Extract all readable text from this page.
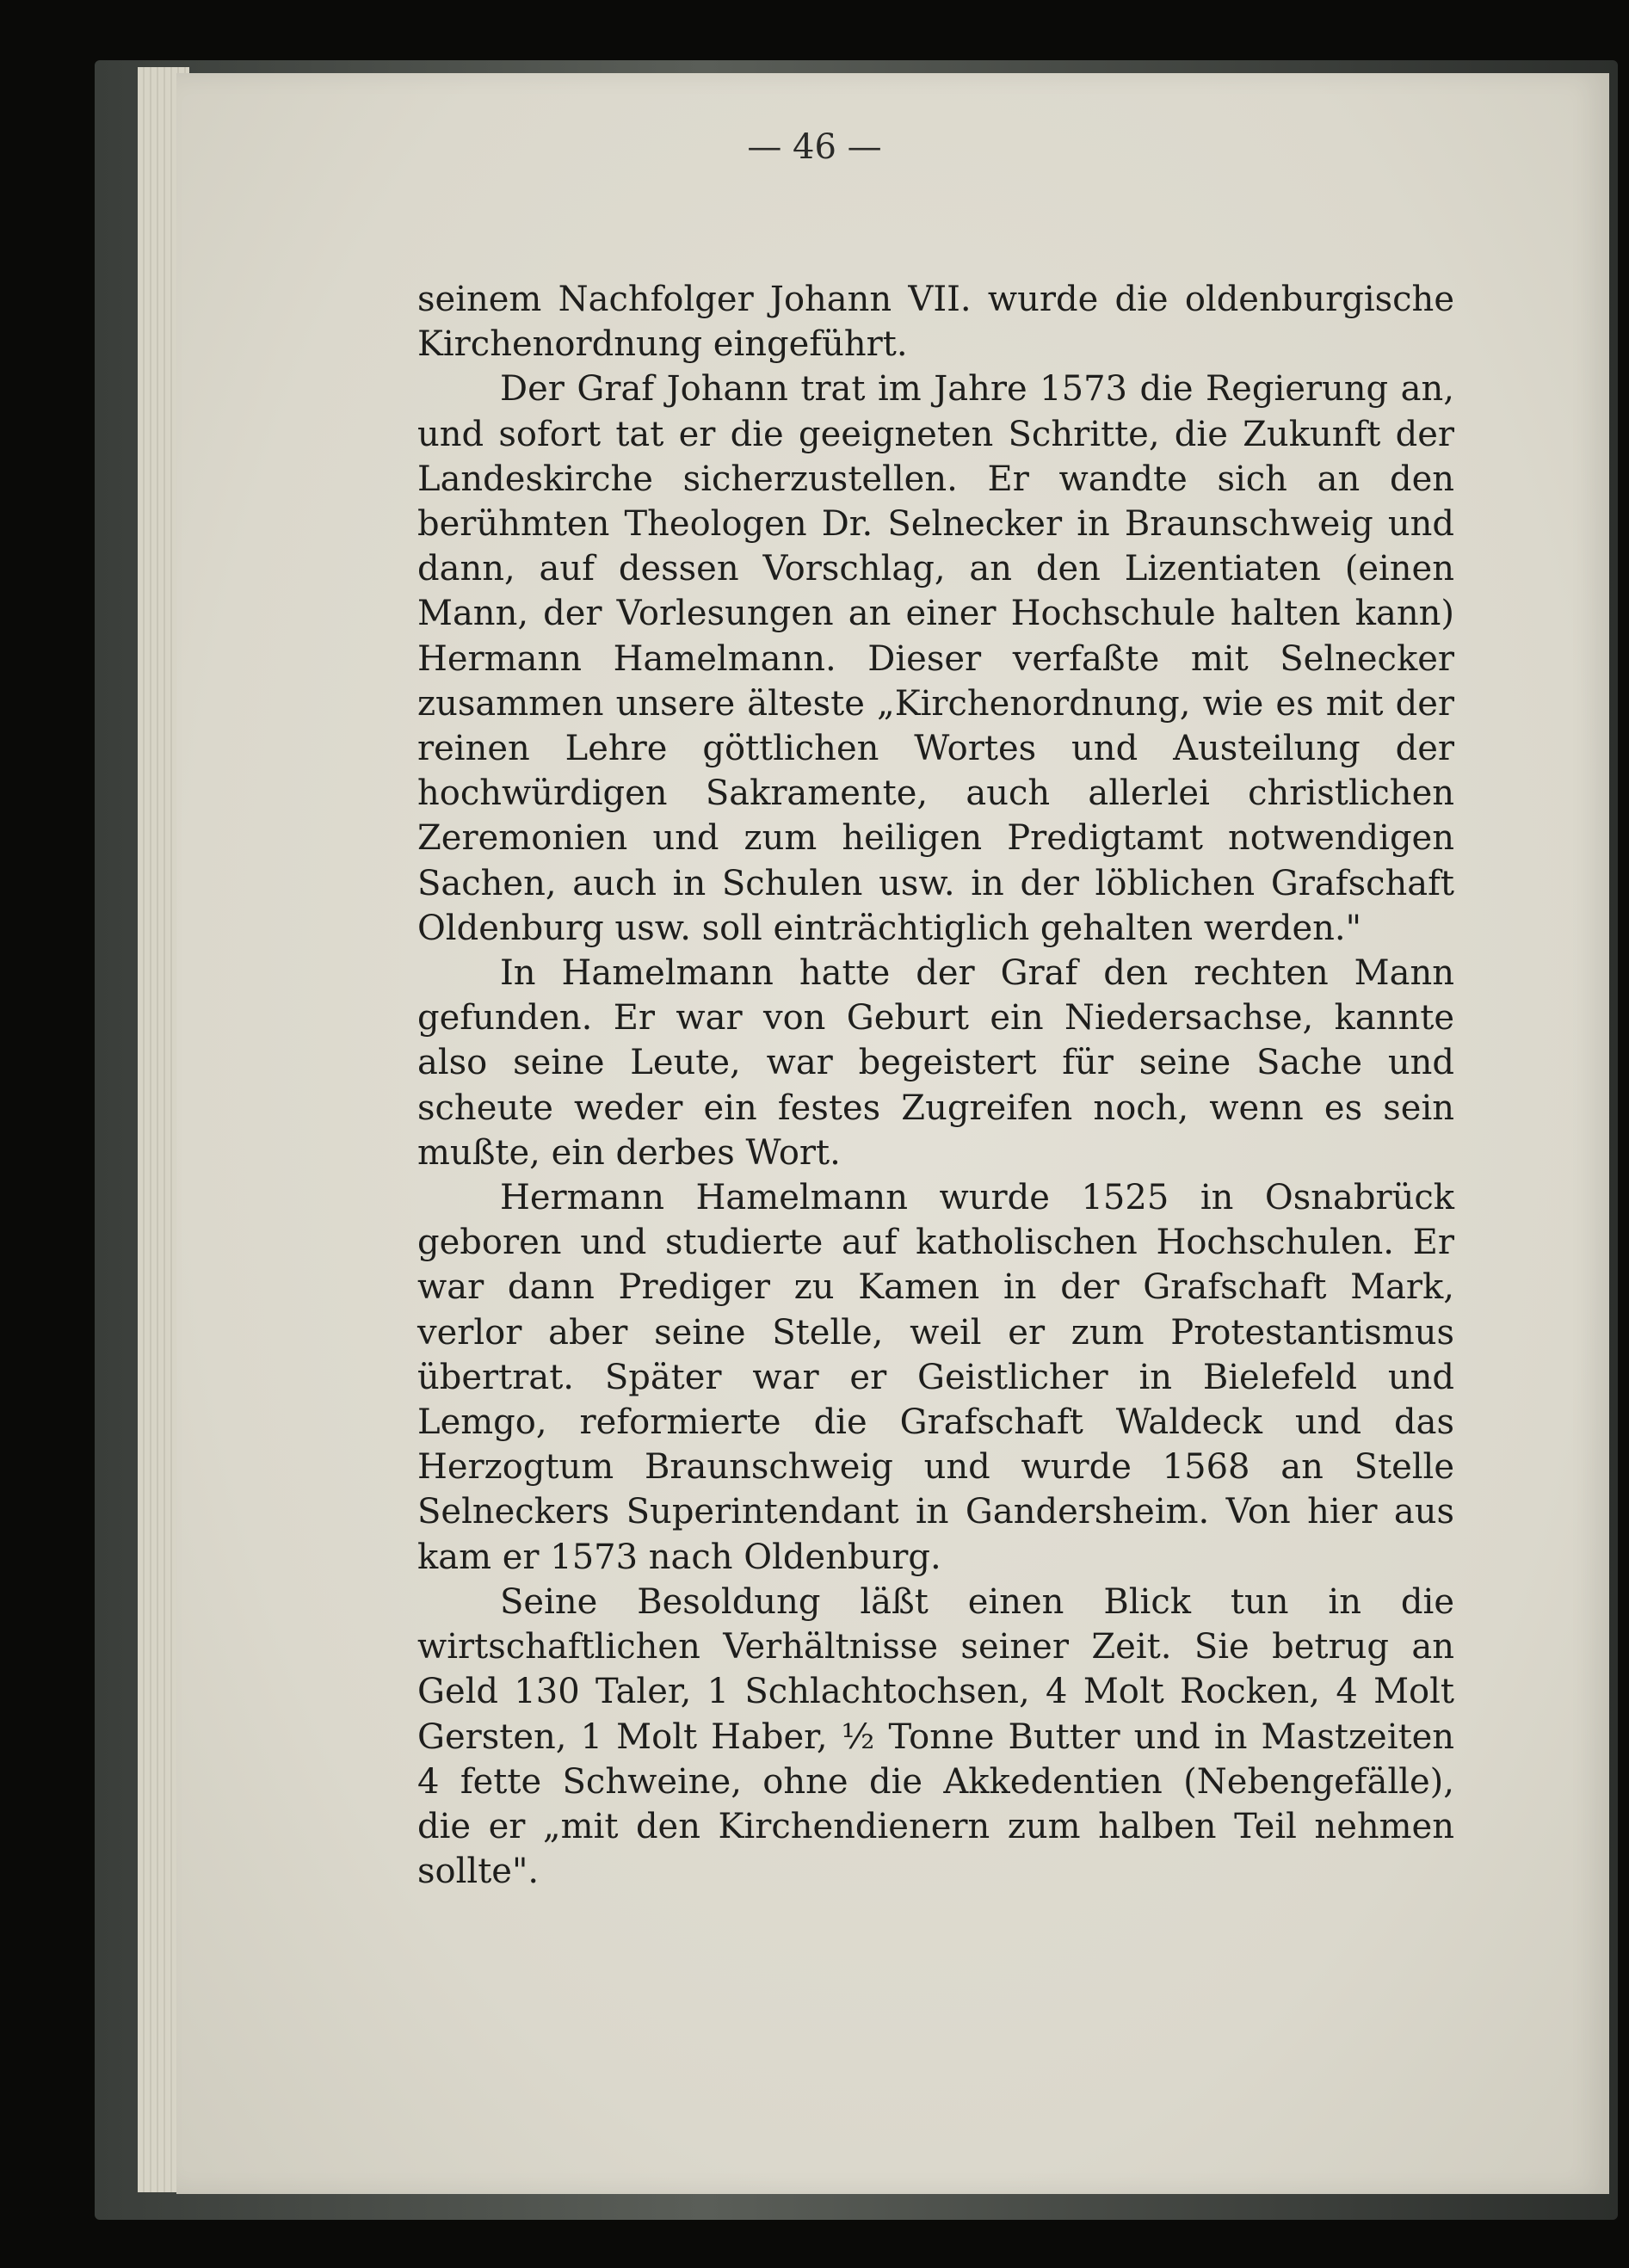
— 46 —

seinem Nachfolger Johann VII. wurde die oldenburgische Kirchenordnung eingeführt.

Der Graf Johann trat im Jahre 1573 die Regierung an, und sofort tat er die geeigneten Schritte, die Zukunft der Landeskirche sicherzustellen. Er wandte sich an den berühmten Theologen Dr. Selnecker in Braunschweig und dann, auf dessen Vorschlag, an den Lizentiaten (einen Mann, der Vorlesungen an einer Hochschule halten kann) Hermann Hamelmann. Dieser verfaßte mit Selnecker zusammen unsere älteste „Kirchenordnung, wie es mit der reinen Lehre göttlichen Wortes und Austeilung der hochwürdigen Sakramente, auch allerlei christlichen Zeremonien und zum heiligen Predigtamt notwendigen Sachen, auch in Schulen usw. in der löblichen Grafschaft Oldenburg usw. soll einträchtiglich gehalten werden."

In Hamelmann hatte der Graf den rechten Mann gefunden. Er war von Geburt ein Niedersachse, kannte also seine Leute, war begeistert für seine Sache und scheute weder ein festes Zugreifen noch, wenn es sein mußte, ein derbes Wort.

Hermann Hamelmann wurde 1525 in Osnabrück geboren und studierte auf katholischen Hochschulen. Er war dann Prediger zu Kamen in der Grafschaft Mark, verlor aber seine Stelle, weil er zum Protestantismus übertrat. Später war er Geistlicher in Bielefeld und Lemgo, reformierte die Grafschaft Waldeck und das Herzogtum Braunschweig und wurde 1568 an Stelle Selneckers Superintendant in Gandersheim. Von hier aus kam er 1573 nach Oldenburg.

Seine Besoldung läßt einen Blick tun in die wirtschaftlichen Verhältnisse seiner Zeit. Sie betrug an Geld 130 Taler, 1 Schlachtochsen, 4 Molt Rocken, 4 Molt Gersten, 1 Molt Haber, ½ Tonne Butter und in Mastzeiten 4 fette Schweine, ohne die Akkedentien (Nebengefälle), die er „mit den Kirchendienern zum halben Teil nehmen sollte".
